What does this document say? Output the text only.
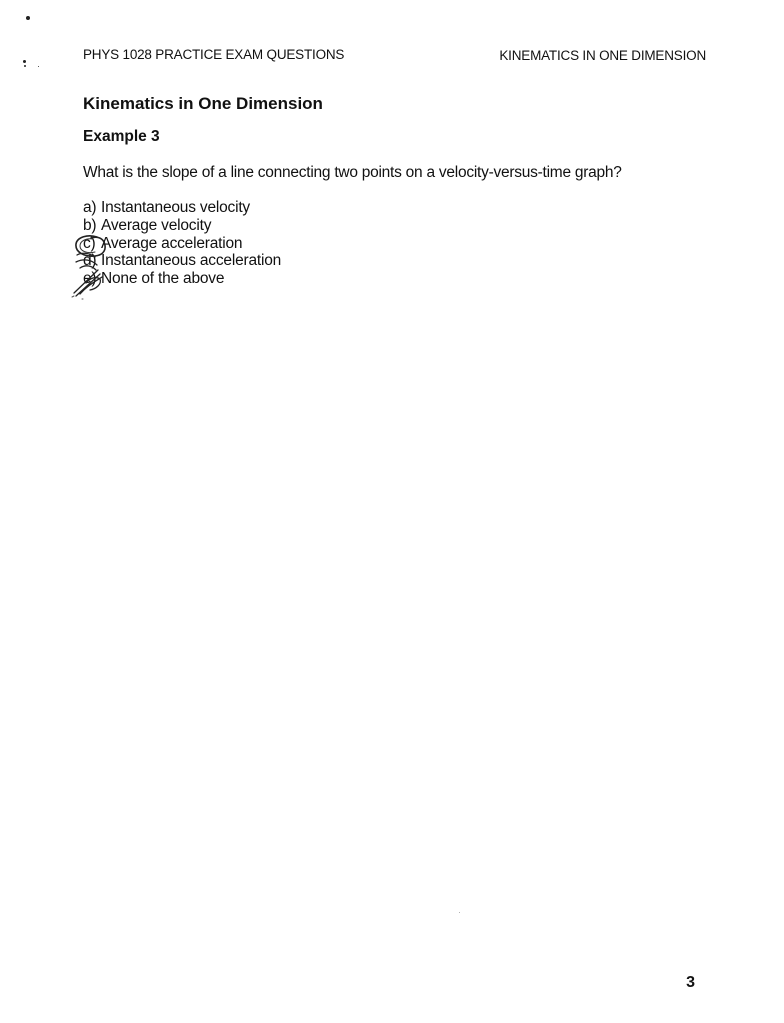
PHYS 1028 PRACTICE EXAM QUESTIONS	KINEMATICS IN ONE DIMENSION
Kinematics in One Dimension
Example 3
What is the slope of a line connecting two points on a velocity-versus-time graph?
a) Instantaneous velocity
b) Average velocity
c) Average acceleration
d) Instantaneous acceleration
e) None of the above
3
